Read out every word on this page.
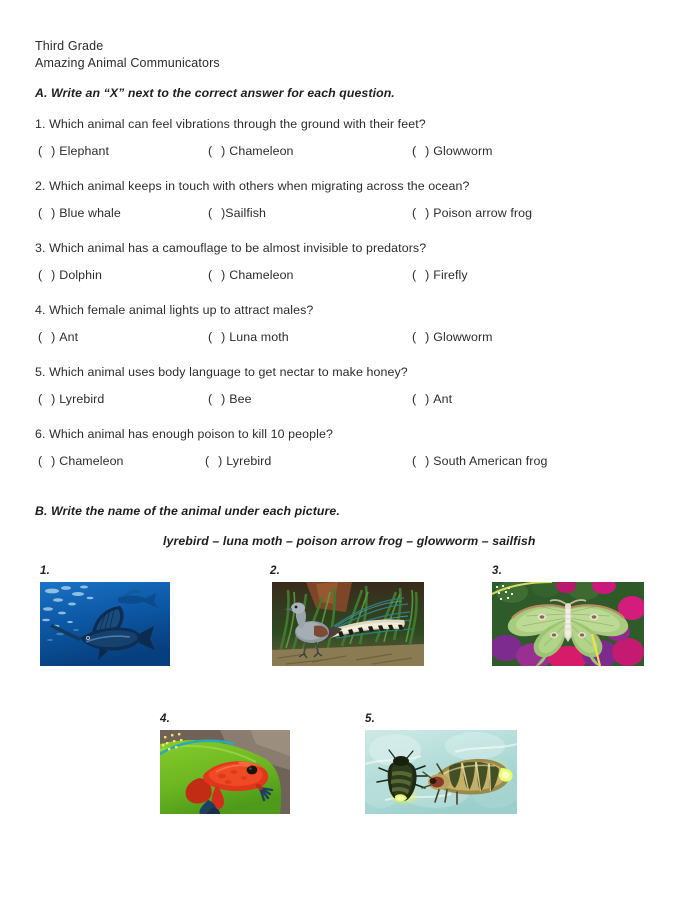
Third Grade
Amazing Animal Communicators
A. Write an “X” next to the correct answer for each question.
1. Which animal can feel vibrations through the ground with their feet?
( ) Elephant	( ) Chameleon	( ) Glowworm
2. Which animal keeps in touch with others when migrating across the ocean?
( ) Blue whale	( )Sailfish	( ) Poison arrow frog
3. Which animal has a camouflage to be almost invisible to predators?
( ) Dolphin	( ) Chameleon	( ) Firefly
4. Which female animal lights up to attract males?
( ) Ant	( ) Luna moth	( ) Glowworm
5. Which animal uses body language to get nectar to make honey?
( ) Lyrebird	( ) Bee	( ) Ant
6. Which animal has enough poison to kill 10 people?
( ) Chameleon	( ) Lyrebird	( ) South American frog
B. Write the name of the animal under each picture.
lyrebird – luna moth – poison arrow frog – glowworm – sailfish
1.	2.	3.
4.	5.
